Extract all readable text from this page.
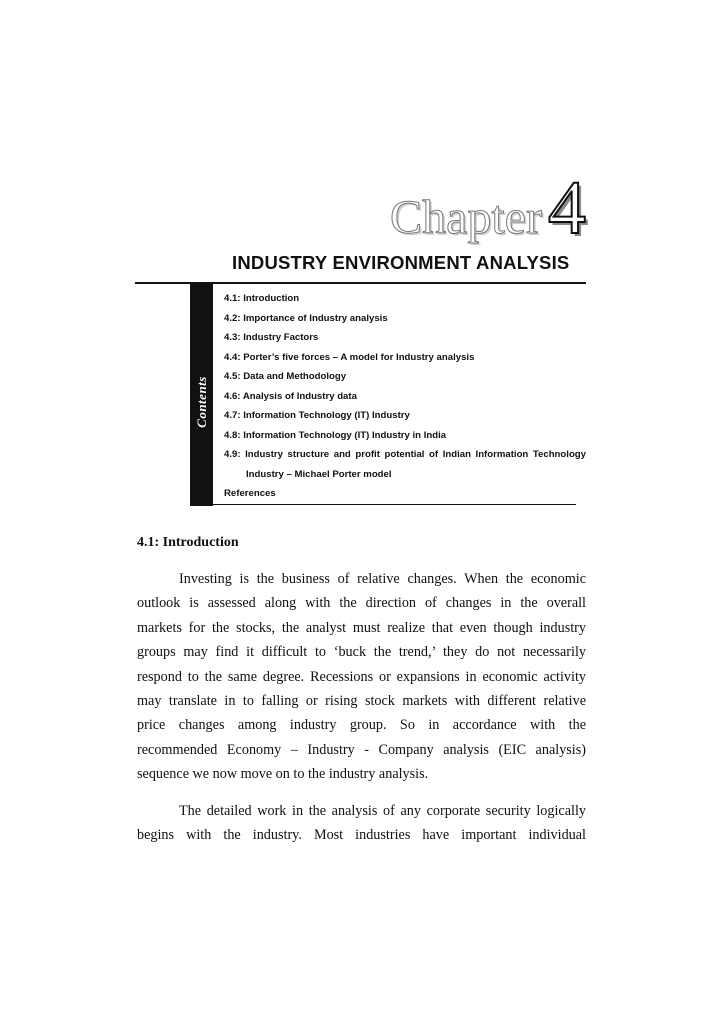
Chapter 4
INDUSTRY ENVIRONMENT ANALYSIS
Contents
4.1: Introduction
4.2: Importance of Industry analysis
4.3: Industry Factors
4.4: Porter’s five forces – A model for Industry analysis
4.5: Data and Methodology
4.6: Analysis of Industry data
4.7: Information Technology (IT) Industry
4.8: Information Technology (IT) Industry in India
4.9: Industry structure and profit potential of Indian Information Technology
Industry – Michael Porter model
References
4.1: Introduction

Investing is the business of relative changes. When the economic
outlook is assessed along with the direction of changes in the overall
markets for the stocks, the analyst must realize that even though industry
groups may find it difficult to ‘buck the trend,’ they do not necessarily
respond to the same degree. Recessions or expansions in economic activity
may translate in to falling or rising stock markets with different relative
price changes among industry group. So in accordance with the
recommended Economy – Industry - Company analysis (EIC analysis)
sequence we now move on to the industry analysis.

The detailed work in the analysis of any corporate security logically
begins with the industry. Most industries have important individual
